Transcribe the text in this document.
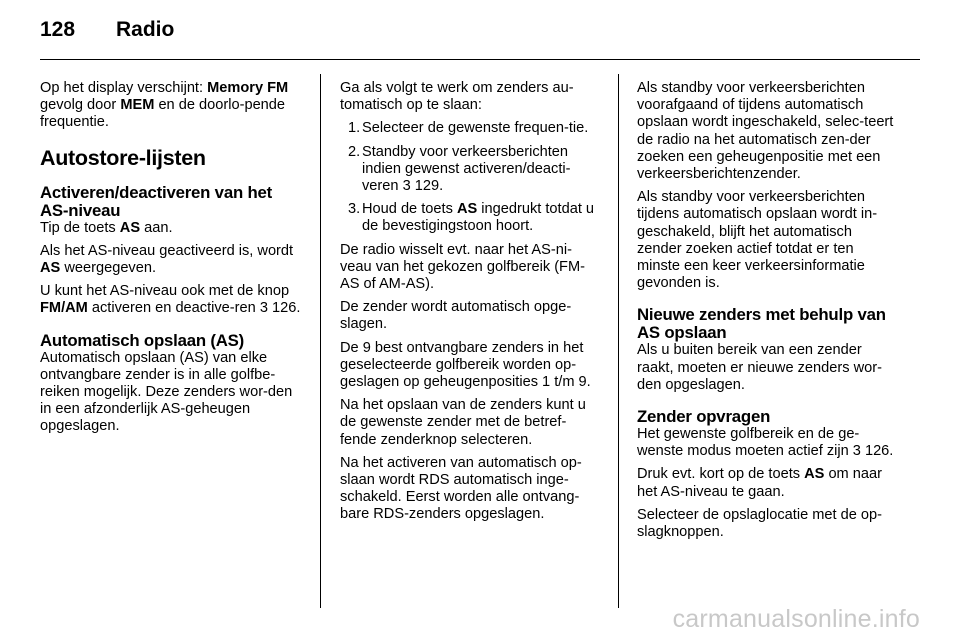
128 Radio

Op het display verschijnt: Memory FM gevolg door MEM en de doorlo-pende frequentie.

Autostore-lijsten
Activeren/deactiveren van het AS-niveau

Tip de toets AS aan.

Als het AS-niveau geactiveerd is, wordt AS weergegeven.

U kunt het AS-niveau ook met de knop FM/AM activeren en deactive-ren 3 126.

Automatisch opslaan (AS)

Automatisch opslaan (AS) van elke ontvangbare zender is in alle golfbe-reiken mogelijk. Deze zenders wor-den in een afzonderlijk AS-geheugen opgeslagen.

Ga als volgt te werk om zenders au-tomatisch op te slaan:

1. Selecteer de gewenste frequen-tie.
2. Standby voor verkeersberichten indien gewenst activeren/deacti-veren 3 129.
3. Houd de toets AS ingedrukt totdat u de bevestigingstoon hoort.

De radio wisselt evt. naar het AS-ni-veau van het gekozen golfbereik (FM-AS of AM-AS).

De zender wordt automatisch opge-slagen.

De 9 best ontvangbare zenders in het geselecteerde golfbereik worden op-geslagen op geheugenposities 1 t/m 9.

Na het opslaan van de zenders kunt u de gewenste zender met de betref-fende zenderknop selecteren.

Na het activeren van automatisch op-slaan wordt RDS automatisch inge-schakeld. Eerst worden alle ontvang-bare RDS-zenders opgeslagen.

Als standby voor verkeersberichten voorafgaand of tijdens automatisch opslaan wordt ingeschakeld, selec-teert de radio na het automatisch zen-der zoeken een geheugenpositie met een verkeersberichtenzender.

Als standby voor verkeersberichten tijdens automatisch opslaan wordt in-geschakeld, blijft het automatisch zender zoeken actief totdat er ten minste een keer verkeersinformatie gevonden is.

Nieuwe zenders met behulp van AS opslaan

Als u buiten bereik van een zender raakt, moeten er nieuwe zenders wor-den opgeslagen.

Zender opvragen

Het gewenste golfbereik en de ge-wenste modus moeten actief zijn 3 126.

Druk evt. kort op de toets AS om naar het AS-niveau te gaan.

Selecteer de opslaglocatie met de op-slagknoppen.

carmanualsonline.info
